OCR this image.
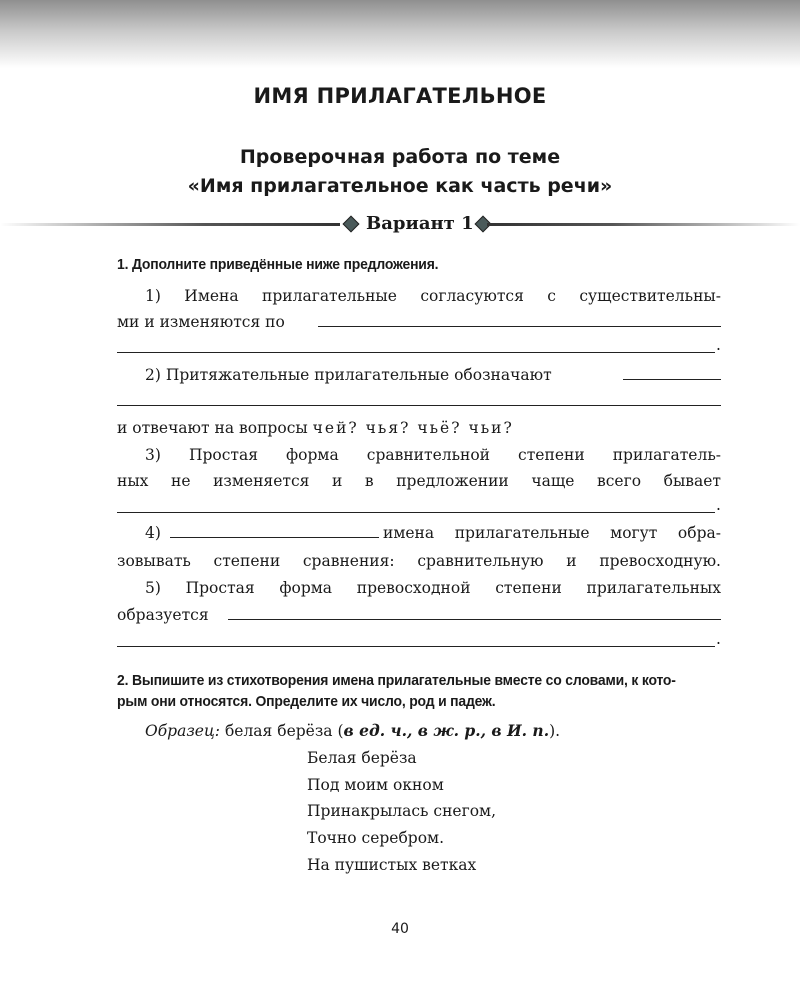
ИМЯ ПРИЛАГАТЕЛЬНОЕ
Проверочная работа по теме
«Имя прилагательное как часть речи»
Вариант 1
1. Дополните приведённые ниже предложения.
1) Имена прилагательные согласуются с существительны-
ми и изменяются по
.
2) Притяжательные прилагательные обозначают
и отвечают на вопросы чей? чья? чьё? чьи?
3) Простая форма сравнительной степени прилагатель-
ных не изменяется и в предложении чаще всего бывает
.
4)	имена прилагательные могут обра-
зовывать степени сравнения: сравнительную и превосходную.
5) Простая форма превосходной степени прилагательных
образуется
.
2. Выпишите из стихотворения имена прилагательные вместе со словами, к кото-
рым они относятся. Определите их число, род и падеж.
Образец: белая берёза (в ед. ч., в ж. р., в И. п.).
Белая берёза
Под моим окном
Принакрылась снегом,
Точно серебром.
На пушистых ветках
40
